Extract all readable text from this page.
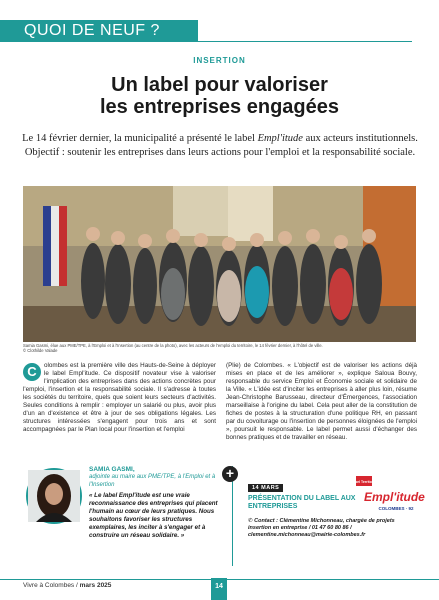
QUOI DE NEUF ?
INSERTION
Un label pour valoriser
les entreprises engagées
Le 14 février dernier, la municipalité a présenté le label Empl'itude aux acteurs institutionnels. Objectif : soutenir les entreprises dans leurs actions pour l'emploi et la responsabilité sociale.
Samia Gasmi, élue aux PME/TPE, à l'Emploi et à l'Insertion (au centre de la photo), avec les acteurs de l'emploi du territoire, le 14 février dernier, à l'hôtel de ville.
© Clothilde Valade
C	olombes est la première ville des Hauts-de-Seine à déployer le label Empl'itude. Ce dispositif novateur vise à valoriser l'implication des entreprises dans des actions concrètes pour l'emploi, l'insertion et la responsabilité sociale. Il s'adresse à toutes les sociétés du territoire, quels que soient leurs secteurs d'activités. Seules conditions à remplir : employer un salarié ou plus, avoir plus d'un an d'existence et être à jour de ses obligations légales. Les structures intéressées s'engagent pour trois ans et sont accompagnées par le Plan local pour l'insertion et l'emploi
(Plie) de Colombes. « L'objectif est de valoriser les actions déjà mises en place et de les améliorer », explique Saloua Bouvy, responsable du service Emploi et Économie sociale et solidaire de la Ville. « L'idée est d'inciter les entreprises à aller plus loin, résume Jean-Christophe Barusseau, directeur d'Émergences, l'association marseillaise à l'origine du label. Cela peut aller de la constitution de fiches de postes à la structuration d'une politique RH, en passant par du covoiturage ou l'insertion de personnes éloignées de l'emploi », poursuit le responsable. Le label permet aussi d'échanger des bonnes pratiques et de travailler en réseau.
SAMIA GASMI,
adjointe au maire aux PME/TPE, à l'Emploi et à l'Insertion
« Le label Empl'itude est une vraie reconnaissance des entreprises qui placent l'humain au cœur de leurs pratiques. Nous souhaitons favoriser les structures exemplaires, les inciter à s'engager et à construire un réseau solidaire. »
+
14 MARS
PRÉSENTATION DU LABEL AUX ENTREPRISES
✆ Contact : Clémentine Michonneau, chargée de projets insertion en entreprise / 01 47 60 80 86 / clementine.michonneau@mairie-colombes.fr
Label Territorial
Empl'itude
COLOMBES · 92
Vivre à Colombes / mars 2025	14
